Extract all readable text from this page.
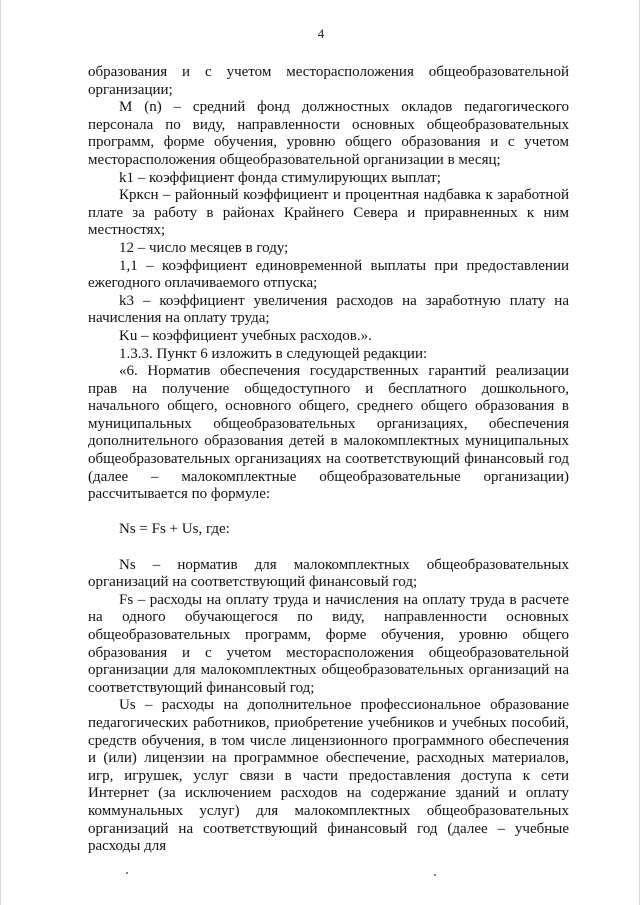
4

образования и с учетом месторасположения общеобразовательной организации;

М (n) – средний фонд должностных окладов педагогического персонала по виду, направленности основных общеобразовательных программ, форме обучения, уровню общего образования и с учетом месторасположения общеобразовательной организации в месяц;

k1 – коэффициент фонда стимулирующих выплат;

Кркcн – районный коэффициент и процентная надбавка к заработной плате за работу в районах Крайнего Севера и приравненных к ним местностях;

12 – число месяцев в году;

1,1 – коэффициент единовременной выплаты при предоставлении ежегодного оплачиваемого отпуска;

k3 – коэффициент увеличения расходов на заработную плату на начисления на оплату труда;

Ku – коэффициент учебных расходов.».

1.3.3. Пункт 6 изложить в следующей редакции:

«6. Норматив обеспечения государственных гарантий реализации прав на получение общедоступного и бесплатного дошкольного, начального общего, основного общего, среднего общего образования в муниципальных общеобразовательных организациях, обеспечения дополнительного образования детей в малокомплектных муниципальных общеобразовательных организациях на соответствующий финансовый год (далее – малокомплектные общеобразовательные организации) рассчитывается по формуле:

Ns = Fs + Us, где:

Ns – норматив для малокомплектных общеобразовательных организаций на соответствующий финансовый год;

Fs – расходы на оплату труда и начисления на оплату труда в расчете на одного обучающегося по виду, направленности основных общеобразовательных программ, форме обучения, уровню общего образования и с учетом месторасположения общеобразовательной организации для малокомплектных общеобразовательных организаций на соответствующий финансовый год;

Us – расходы на дополнительное профессиональное образование педагогических работников, приобретение учебников и учебных пособий, средств обучения, в том числе лицензионного программного обеспечения и (или) лицензии на программное обеспечение, расходных материалов, игр, игрушек, услуг связи в части предоставления доступа к сети Интернет (за исключением расходов на содержание зданий и оплату коммунальных услуг) для малокомплектных общеобразовательных организаций на соответствующий финансовый год (далее – учебные расходы для
